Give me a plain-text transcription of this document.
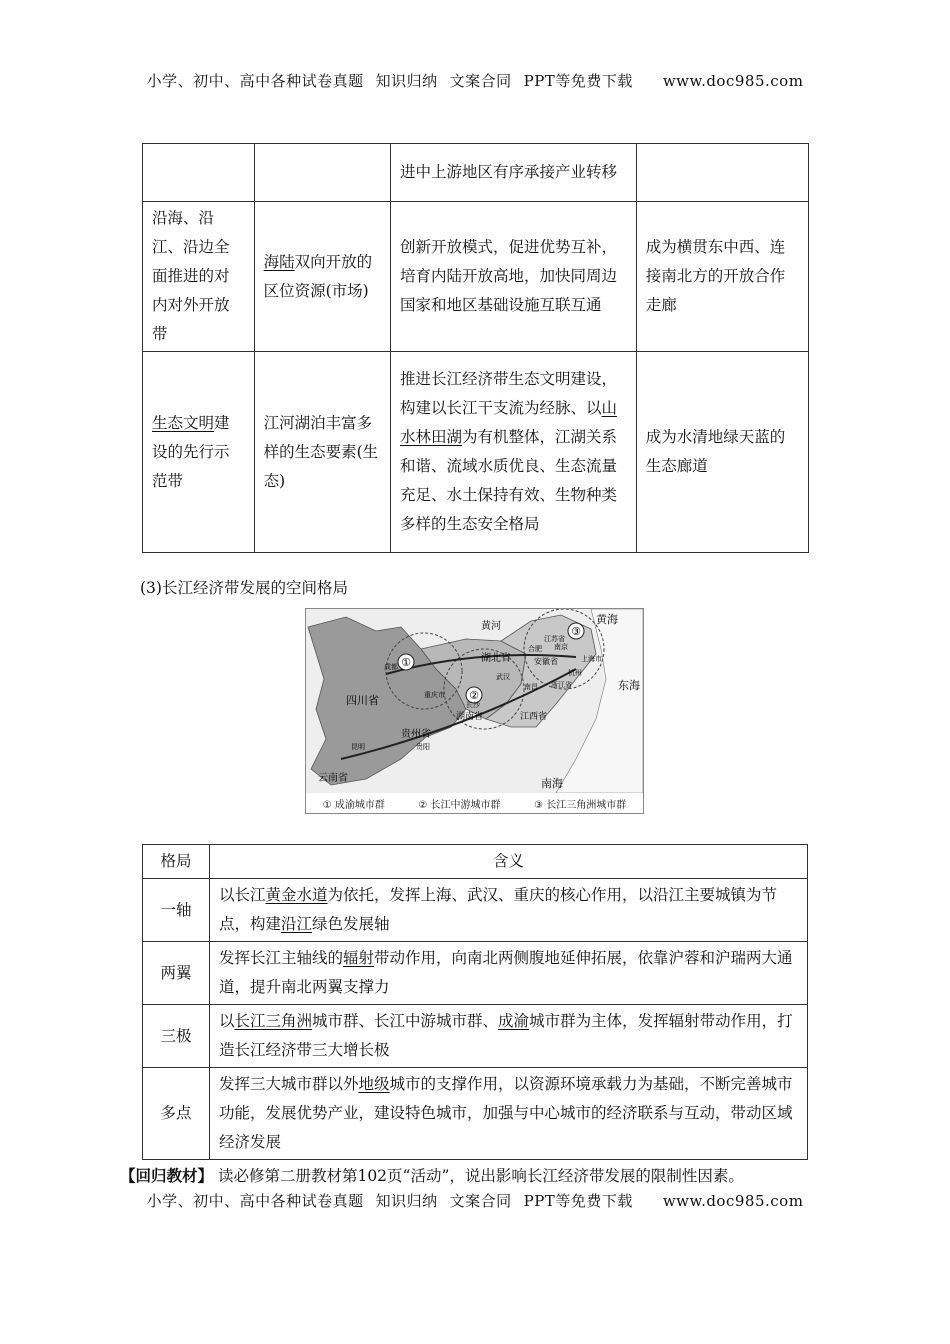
小学、初中、高中各种试卷真题 知识归纳 文案合同 PPT等免费下载 www.doc985.com
		进中上游地区有序承接产业转移	
沿海、沿江、沿边全面推进的对内对外开放带	海陆双向开放的区位资源(市场)	创新开放模式，促进优势互补，培育内陆开放高地，加快同周边国家和地区基础设施互联互通	成为横贯东中西、连接南北方的开放合作走廊
生态文明建设的先行示范带	江河湖泊丰富多样的生态要素(生态)	推进长江经济带生态文明建设，构建以长江干支流为经脉、以山水林田湖为有机整体，江湖关系和谐、流域水质优良、生态流量充足、水土保持有效、生物种类多样的生态安全格局	成为水清地绿天蓝的生态廊道
(3)长江经济带发展的空间格局
①
②
③
四川省	重庆市
贵州省
云南省
湖北省
湖南省	江西省
安徽省
浙江省
江苏省
成都
昆明	贵阳
长沙
武汉
南昌
合肥 南京
杭州
上海市
黄海
东海
南海
黄河
① 成渝城市群	② 长江中游城市群	③ 长江三角洲城市群
格局	含义
一轴	以长江黄金水道为依托，发挥上海、武汉、重庆的核心作用，以沿江主要城镇为节点，构建沿江绿色发展轴
两翼	发挥长江主轴线的辐射带动作用，向南北两侧腹地延伸拓展，依靠沪蓉和沪瑞两大通道，提升南北两翼支撑力
三极	以长江三角洲城市群、长江中游城市群、成渝城市群为主体，发挥辐射带动作用，打造长江经济带三大增长极
多点	发挥三大城市群以外地级城市的支撑作用，以资源环境承载力为基础，不断完善城市功能，发展优势产业，建设特色城市，加强与中心城市的经济联系与互动，带动区域经济发展
【回归教材】 读必修第二册教材第102页“活动”，说出影响长江经济带发展的限制性因素。
小学、初中、高中各种试卷真题 知识归纳 文案合同 PPT等免费下载 www.doc985.com
